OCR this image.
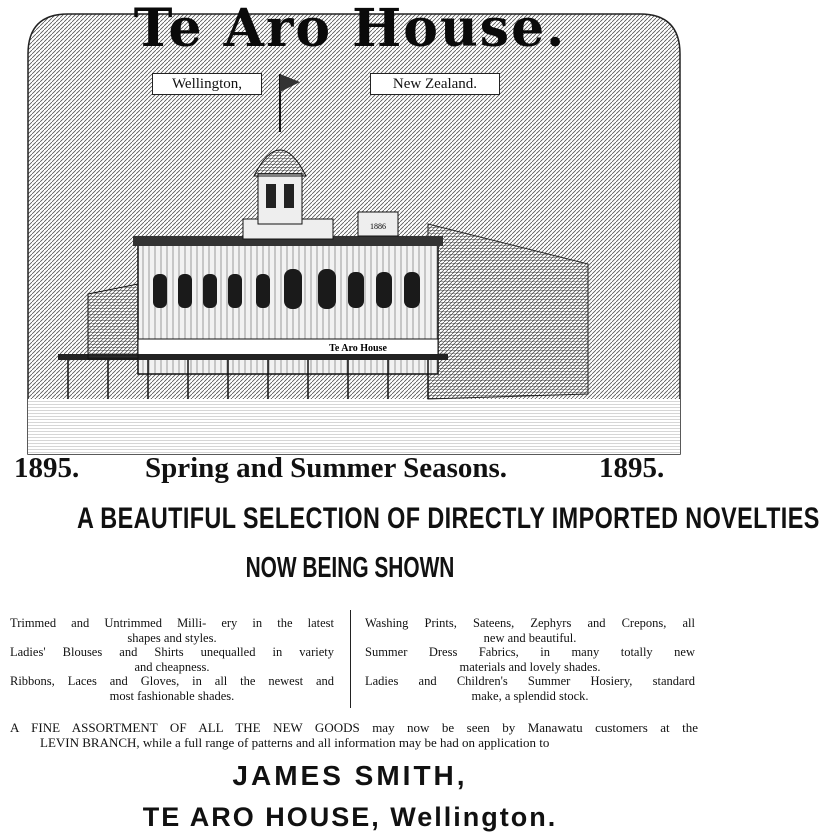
1886
Te Aro House
Te Aro House.
Wellington,	New Zealand.
1895. Spring and Summer Seasons.	1895.
A BEAUTIFUL SELECTION OF DIRECTLY IMPORTED NOVELTIES
NOW BEING SHOWN
Trimmed and Untrimmed Milli- ery in the latest
shapes and styles.
Ladies' Blouses and Shirts unequalled in variety
and cheapness.
Ribbons, Laces and Gloves, in all the newest and
most fashionable shades.
Washing Prints, Sateens, Zephyrs and Crepons, all
new and beautiful.
Summer Dress Fabrics, in many totally new
materials and lovely shades.
Ladies and Children's Summer Hosiery, standard
make, a splendid stock.
A FINE ASSORTMENT OF ALL THE NEW GOODS may now be seen by Manawatu customers at the
LEVIN BRANCH, while a full range of patterns and all information may be had on application to
JAMES SMITH,
TE ARO HOUSE, Wellington.
